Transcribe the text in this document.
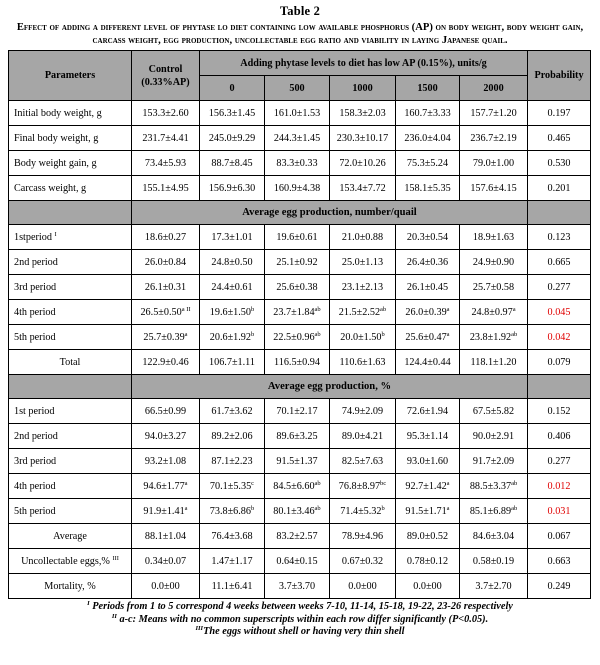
Table 2
Effect of adding a different level of phytase lo diet containing low available phosphorus (AP) on body weight, body weight gain, carcass weight, egg production, uncollectable egg ratio and viability in laying Japanese quail.
Parameters	Control (0.33%AP)	Adding phytase levels to diet has low AP (0.15%), units/g					Probability
		0	500	1000	1500	2000	
Initial body weight, g	153.3±2.60	156.3±1.45	161.0±1.53	158.3±2.03	160.7±3.33	157.7±1.20	0.197
Final body weight, g	231.7±4.41	245.0±9.29	244.3±1.45	230.3±10.17	236.0±4.04	236.7±2.19	0.465
Body weight gain, g	73.4±5.93	88.7±8.45	83.3±0.33	72.0±10.26	75.3±5.24	79.0±1.00	0.530
Carcass weight, g	155.1±4.95	156.9±6.30	160.9±4.38	153.4±7.72	158.1±5.35	157.6±4.15	0.201
	Average egg production, number/quail						
1stperiod $^I$	18.6±0.27	17.3±1.01	19.6±0.61	21.0±0.88	20.3±0.54	18.9±1.63	0.123
2nd period	26.0±0.84	24.8±0.50	25.1±0.92	25.0±1.13	26.4±0.36	24.9±0.90	0.665
3rd period	26.1±0.31	24.4±0.61	25.6±0.38	23.1±2.13	26.1±0.45	25.7±0.58	0.277
4th period	$26.5\pm 0.50^{a II}$	19.6±1.50$^b$	23.7±1.84$^{ab}$	21.5±2.52$^{ab}$	26.0±0.39$^a$	24.8±0.97$^a$	0.045
5th period	25.7±0.39$^a$	20.6±1.92$^b$	22.5±0.96$^{ab}$	20.0±1.50$^b$	25.6±0.47$^a$	23.8±1.92$^{ab}$	0.042
Total	122.9±0.46	106.7±1.11	116.5±0.94	110.6±1.63	124.4±0.44	118.1±1.20	0.079
	Average egg production, %						
1st period	66.5±0.99	61.7±3.62	70.1±2.17	74.9±2.09	72.6±1.94	67.5±5.82	0.152
2nd period	94.0±3.27	89.2±2.06	89.6±3.25	89.0±4.21	95.3±1.14	90.0±2.91	0.406
3rd period	93.2±1.08	87.1±2.23	91.5±1.37	82.5±7.63	93.0±1.60	91.7±2.09	0.277
4th period	94.6±1.77$^a$	70.1±5.35$^c$	84.5±6.60$^{ab}$	76.8±8.97$^{bc}$	92.7±1.42$^a$	88.5±3.37$^{ab}$	0.012
5th period	91.9±1.41$^a$	73.8±6.86$^b$	80.1±3.46$^{ab}$	71.4±5.32$^b$	91.5±1.71$^a$	85.1±6.89$^{ab}$	0.031
Average	88.1±1.04	76.4±3.68	83.2±2.57	78.9±4.96	89.0±0.52	84.6±3.04	0.067
Uncollectable eggs,% $^{III}$	0.34±0.07	1.47±1.17	0.64±0.15	0.67±0.32	0.78±0.12	0.58±0.19	0.663
Mortality, %	0.0±00	11.1±6.41	3.7±3.70	0.0±00	0.0±00	3.7±2.70	0.249
$^I$ Periods from 1 to 5 correspond 4 weeks between weeks 7-10, 11-14, 15-18, 19-22, 23-26 respectively
$^{II}$ a-c: Means with no common superscripts within each row differ significantly (P<0.05).
$^{III}$The eggs without shell or having very thin shell
